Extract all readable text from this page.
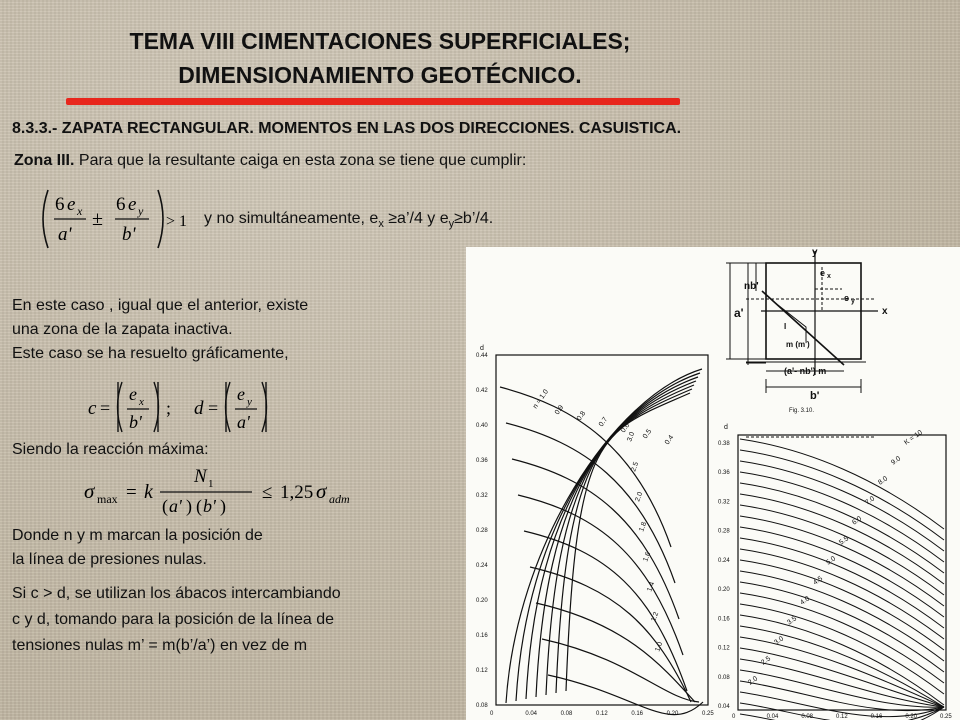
TEMA VIII CIMENTACIONES SUPERFICIALES;
DIMENSIONAMIENTO GEOTÉCNICO.
8.3.3.- ZAPATA RECTANGULAR. MOMENTOS EN LAS DOS DIRECCIONES. CASUISTICA.
Zona III. Para que la resultante caiga en esta zona se tiene que cumplir:
6 e x
a'
±
6 e y
b'
> 1 y no simultáneamente, $e_x$ ≥a’/4 y $e_y\ge b’/4$.
En este caso , igual que el anterior, existe
una zona de la zapata inactiva.
Este caso se ha resuelto gráficamente,
c =
e x
b'
; d =
e y
a'
Siendo la reacción máxima:
σ max = k
N 1
( a' ) ( b' )
≤ 1,25 σ adm
Donde n y m marcan la posición de
la línea de presiones nulas.
Si c > d, se utilizan los ábacos intercambiando
c y d, tomando para la posición de la línea de
tensiones nulas m’ = m(b’/a’) en vez de m
y
x
nb'
a'
e x
e y
I
m (m')
(a'- nb') m
b'
Fig. 3.10.
d
0.44
0.42
0.40
0.36
0.32
0.28
0.24
0.20
0.16
0.12
0.08
0	0.04	0.08	0.12	0.16	0.20	0.25
n = 1.0
0.9
0.8
0.7
0.6
0.5
0.4
3.0
2.5
2.0
1.8
1.6
1.4
1.2
1.0
d
0.38
0.36
0.32
0.28
0.24
0.20
0.16
0.12
0.08
0.04
0	0.04	0.08	0.12	0.16	0.20	0.25
K = 10
9.0
8.0
7.0
6.0
5.5
5.0
4.5
4.0
3.5
3.0
2.5
2.0
